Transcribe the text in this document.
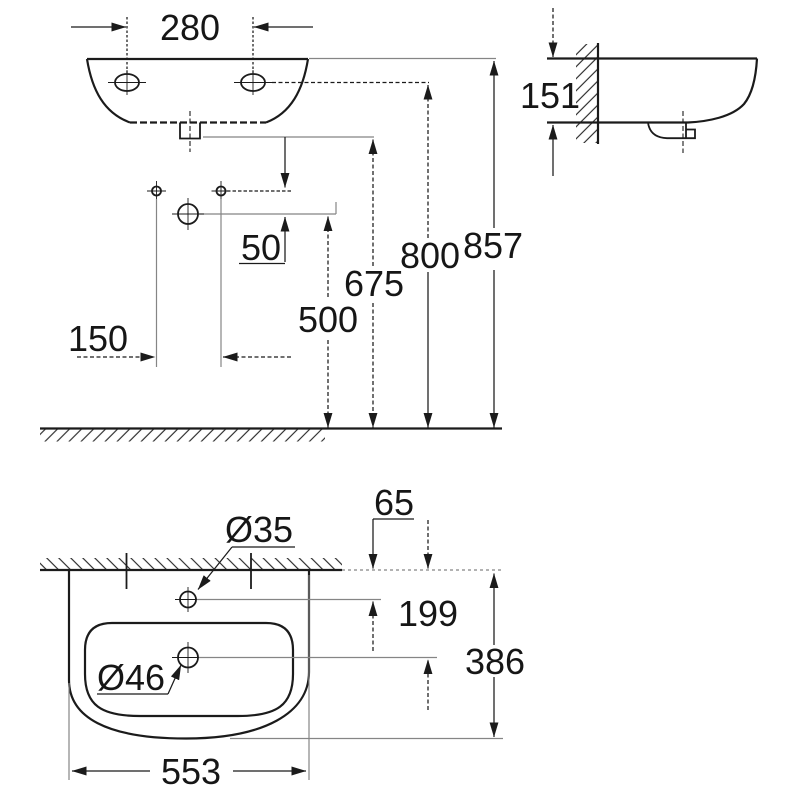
280
151
50
150	500
675
800 857
65
199
386
553
Ø35
Ø46
